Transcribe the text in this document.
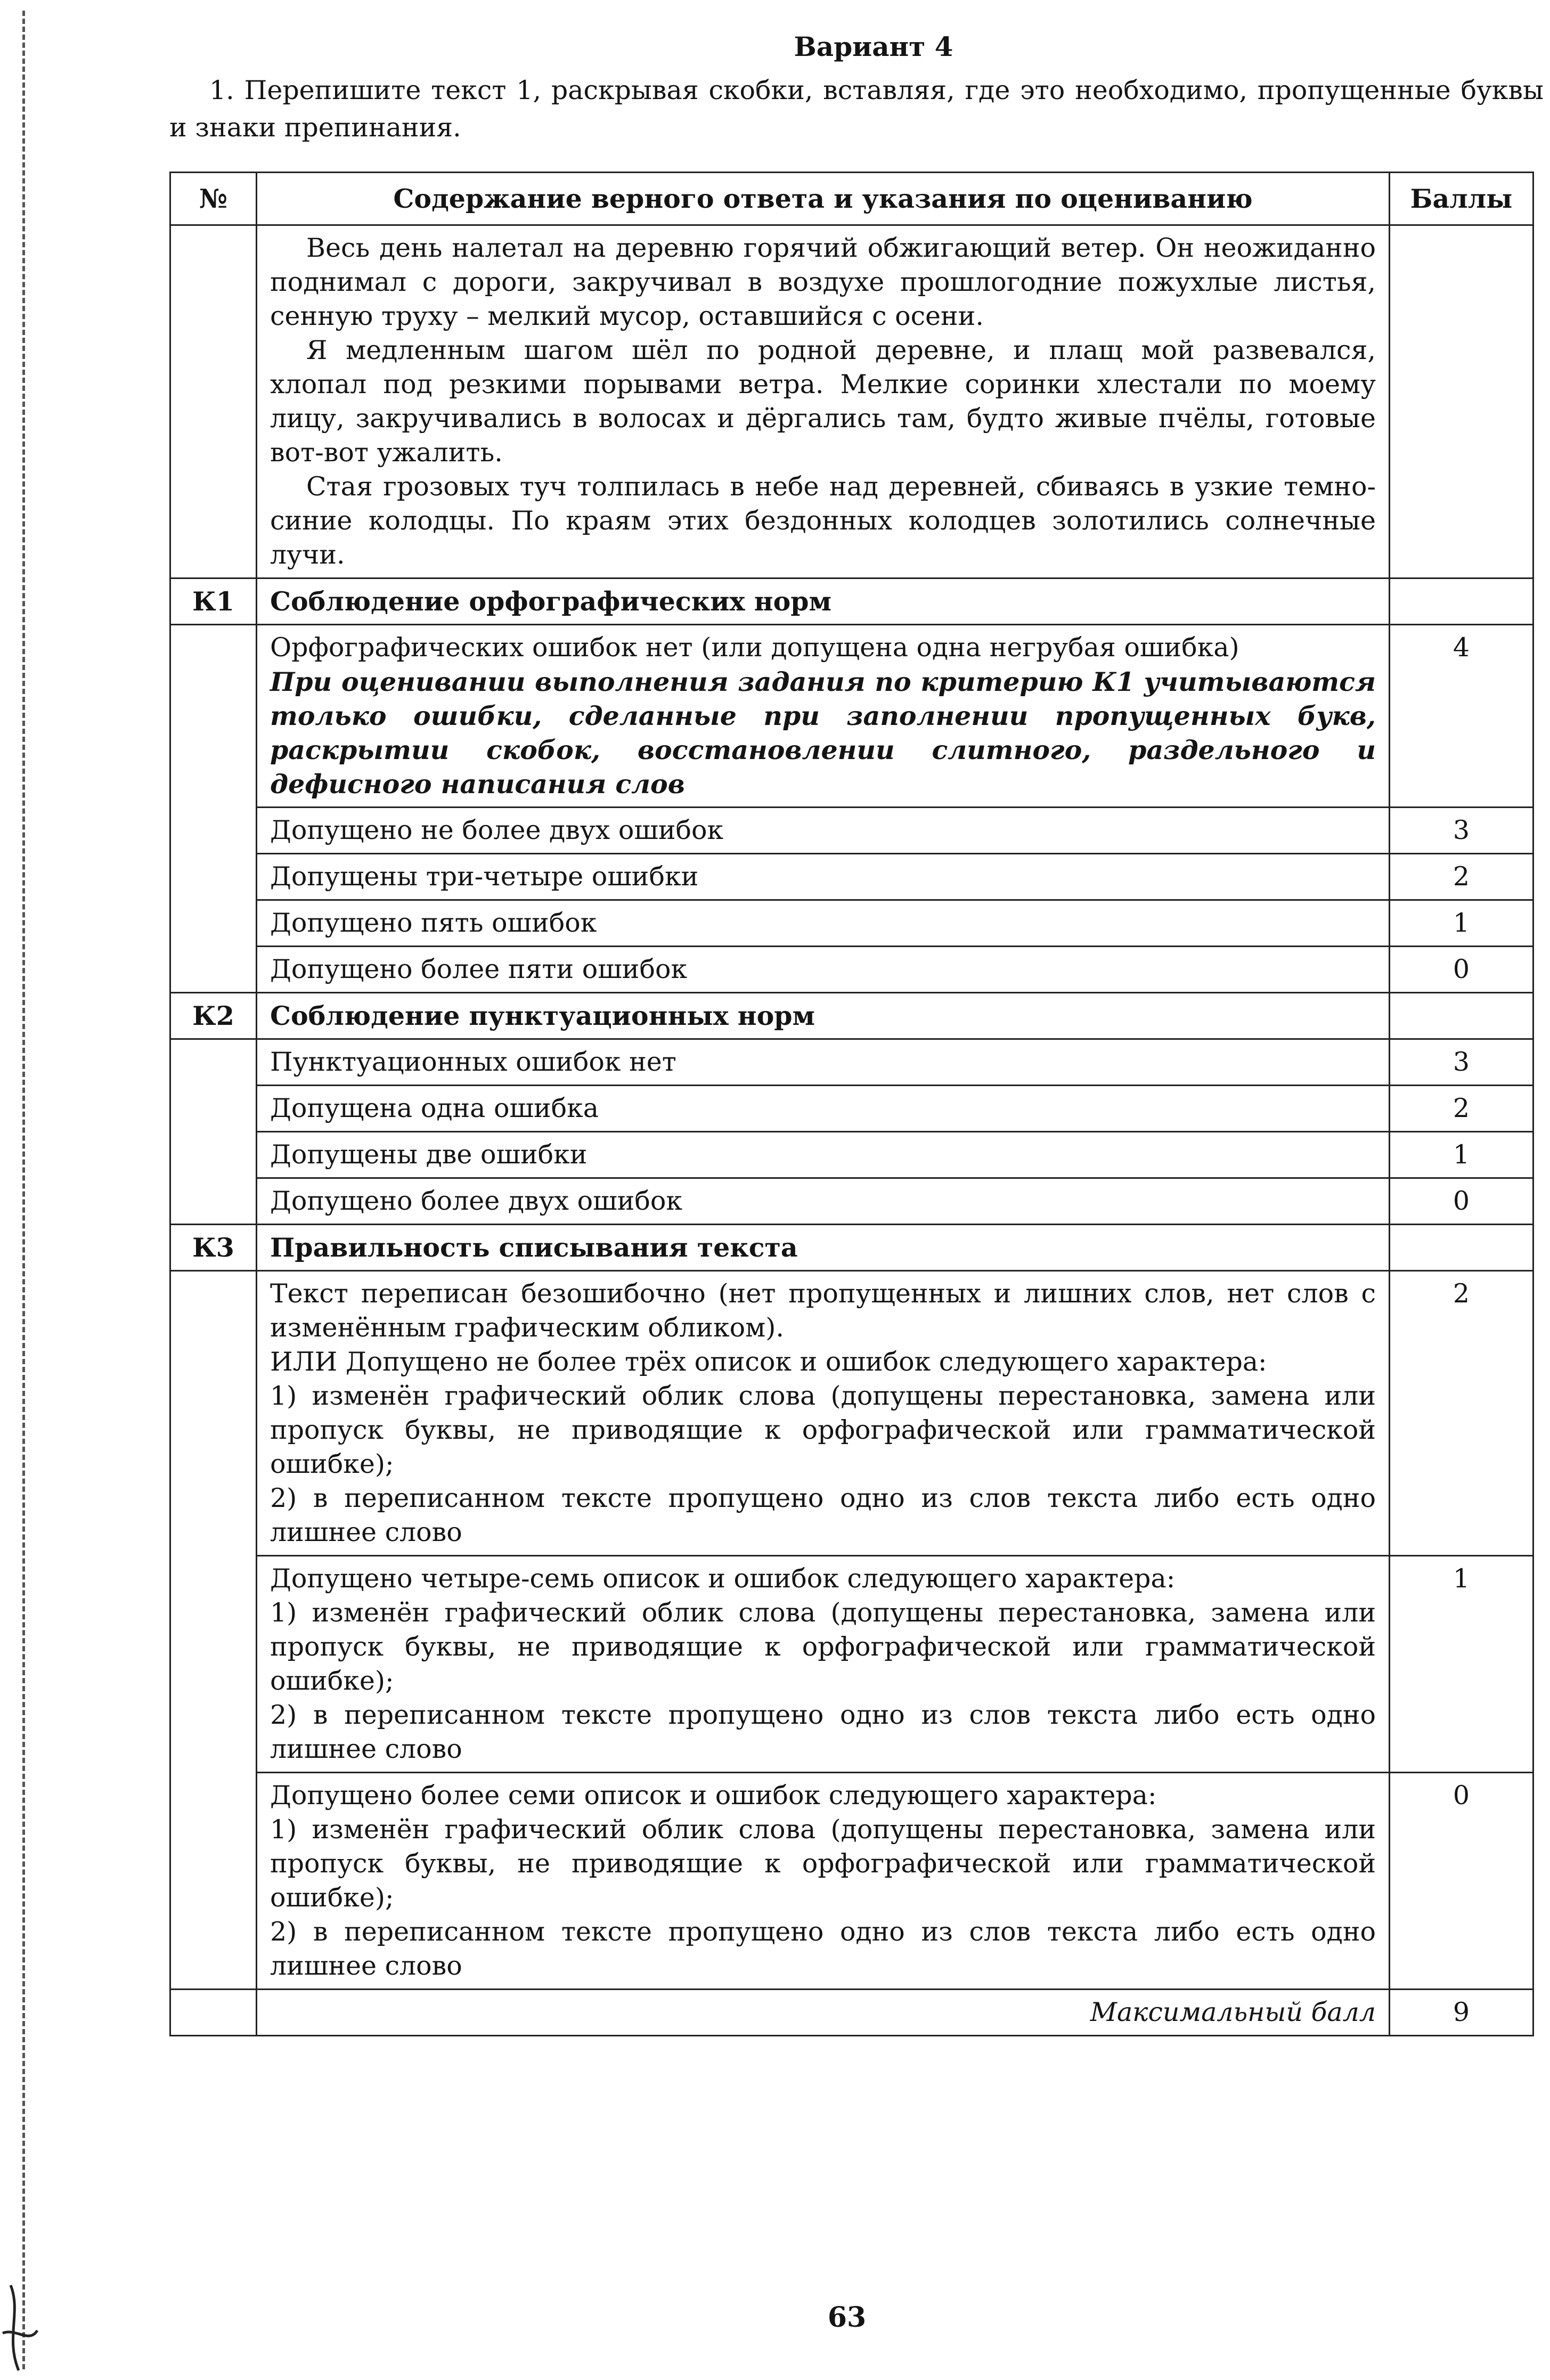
Вариант 4
1. Перепишите текст 1, раскрывая скобки, вставляя, где это необходимо, пропущенные буквы и знаки препинания.
№	Содержание верного ответа и указания по оцениванию	Баллы

	Весь день налетал на деревню горячий обжигающий ветер. Он неожиданно поднимал с дороги, закручивал в воздухе прошлогодние пожухлые листья, сенную труху – мелкий мусор, оставшийся с осени.

Я медленным шагом шёл по родной деревне, и плащ мой развевался, хлопал под резкими порывами ветра. Мелкие соринки хлестали по моему лицу, закручивались в волосах и дёргались там, будто живые пчёлы, готовые вот-вот ужалить.

Стая грозовых туч толпилась в небе над деревней, сбиваясь в узкие темно-синие колодцы. По краям этих бездонных колодцев золотились солнечные лучи.	

К1	Соблюдение орфографических норм	

	Орфографических ошибок нет (или допущена одна негрубая ошибка)
При оценивании выполнения задания по критерию К1 учитываются только ошибки, сделанные при заполнении пропущенных букв, раскрытии скобок, восстановлении слитного, раздельного и дефисного написания слов	4
	Допущено не более двух ошибок	3
	Допущены три-четыре ошибки	2
	Допущено пять ошибок	1
	Допущено более пяти ошибок	0
К2	Соблюдение пунктуационных норм	
	Пунктуационных ошибок нет	3
	Допущена одна ошибка	2
	Допущены две ошибки	1
	Допущено более двух ошибок	0
К3	Правильность списывания текста	

	Текст переписан безошибочно (нет пропущенных и лишних слов, нет слов с изменённым графическим обликом).
ИЛИ Допущено не более трёх описок и ошибок следующего характера:
1) изменён графический облик слова (допущены перестановка, замена или пропуск буквы, не приводящие к орфографической или грамматической ошибке);
2) в переписанном тексте пропущено одно из слов текста либо есть одно лишнее слово	2

	Допущено четыре-семь описок и ошибок следующего характера:
1) изменён графический облик слова (допущены перестановка, замена или пропуск буквы, не приводящие к орфографической или грамматической ошибке);
2) в переписанном тексте пропущено одно из слов текста либо есть одно лишнее слово	1

	Допущено более семи описок и ошибок следующего характера:
1) изменён графический облик слова (допущены перестановка, замена или пропуск буквы, не приводящие к орфографической или грамматической ошибке);
2) в переписанном тексте пропущено одно из слов текста либо есть одно лишнее слово	0
	Максимальный балл	9
63
